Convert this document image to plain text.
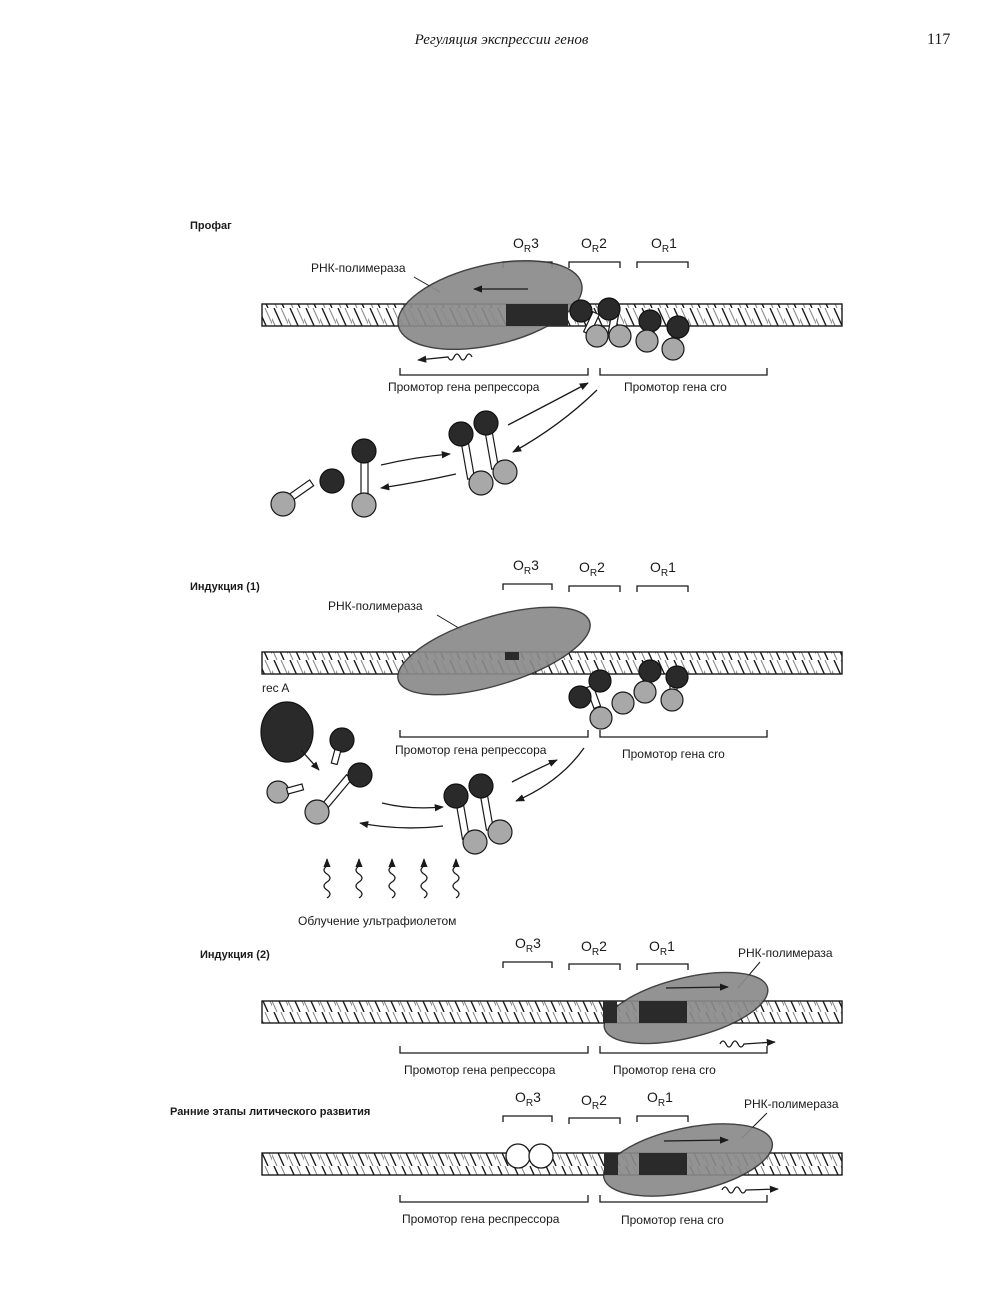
Регуляция экспрессии генов	117
Профаг
$O_R3$	$O_R2$	$O_R1$
РНК-полимераза
Промотор гена репрессора	Промотор гена cro
Индукция (1)
$O_R3$	$O_R2$	$O_R1$
РНК-полимераза
rec A
Промотор гена репрессора	Промотор гена cro
Облучение ультрафиолетом
Индукция (2)
$O_R3$	$O_R2$	$O_R1$	РНК-полимераза
Промотор гена репрессора	Промотор гена cro
Ранние этапы литического развития
$O_R3$	$O_R2$	$O_R1$	РНК-полимераза
Промотор гена респрессора	Промотор гена cro
